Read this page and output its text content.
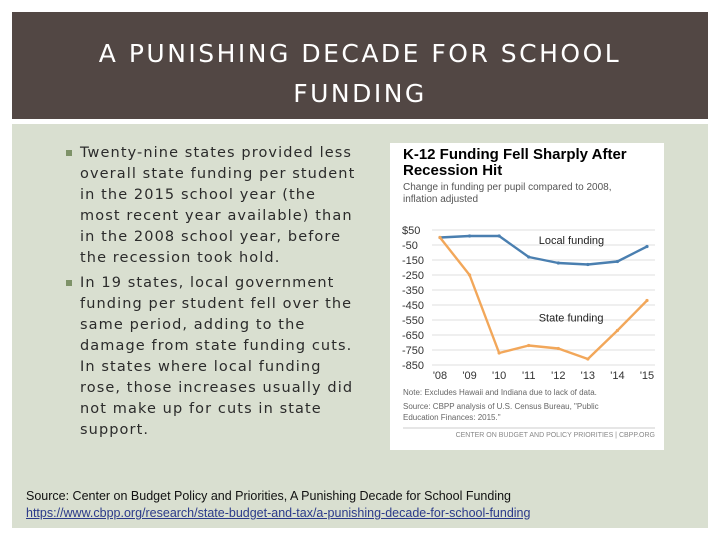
A PUNISHING DECADE FOR SCHOOL FUNDING
Twenty-nine states provided less overall state funding per student in the 2015 school year (the most recent year available) than in the 2008 school year, before the recession took hold.
In 19 states, local government funding per student fell over the same period, adding to the damage from state funding cuts. In states where local funding rose, those increases usually did not make up for cuts in state support.
K-12 Funding Fell Sharply After
Recession Hit
Change in funding per pupil compared to 2008,
inflation adjusted
$50
-50
-150
-250
-350
-450
-550
-650
-750
-850
'08 '09 '10 '11 '12 '13 '14 '15
Local funding
State funding
Note: Excludes Hawaii and Indiana due to lack of data.
Source: CBPP analysis of U.S. Census Bureau, "Public
Education Finances: 2015."
CENTER ON BUDGET AND POLICY PRIORITIES | CBPP.ORG
Source: Center on Budget Policy and Priorities, A Punishing Decade for School Funding
https://www.cbpp.org/research/state-budget-and-tax/a-punishing-decade-for-school-funding
